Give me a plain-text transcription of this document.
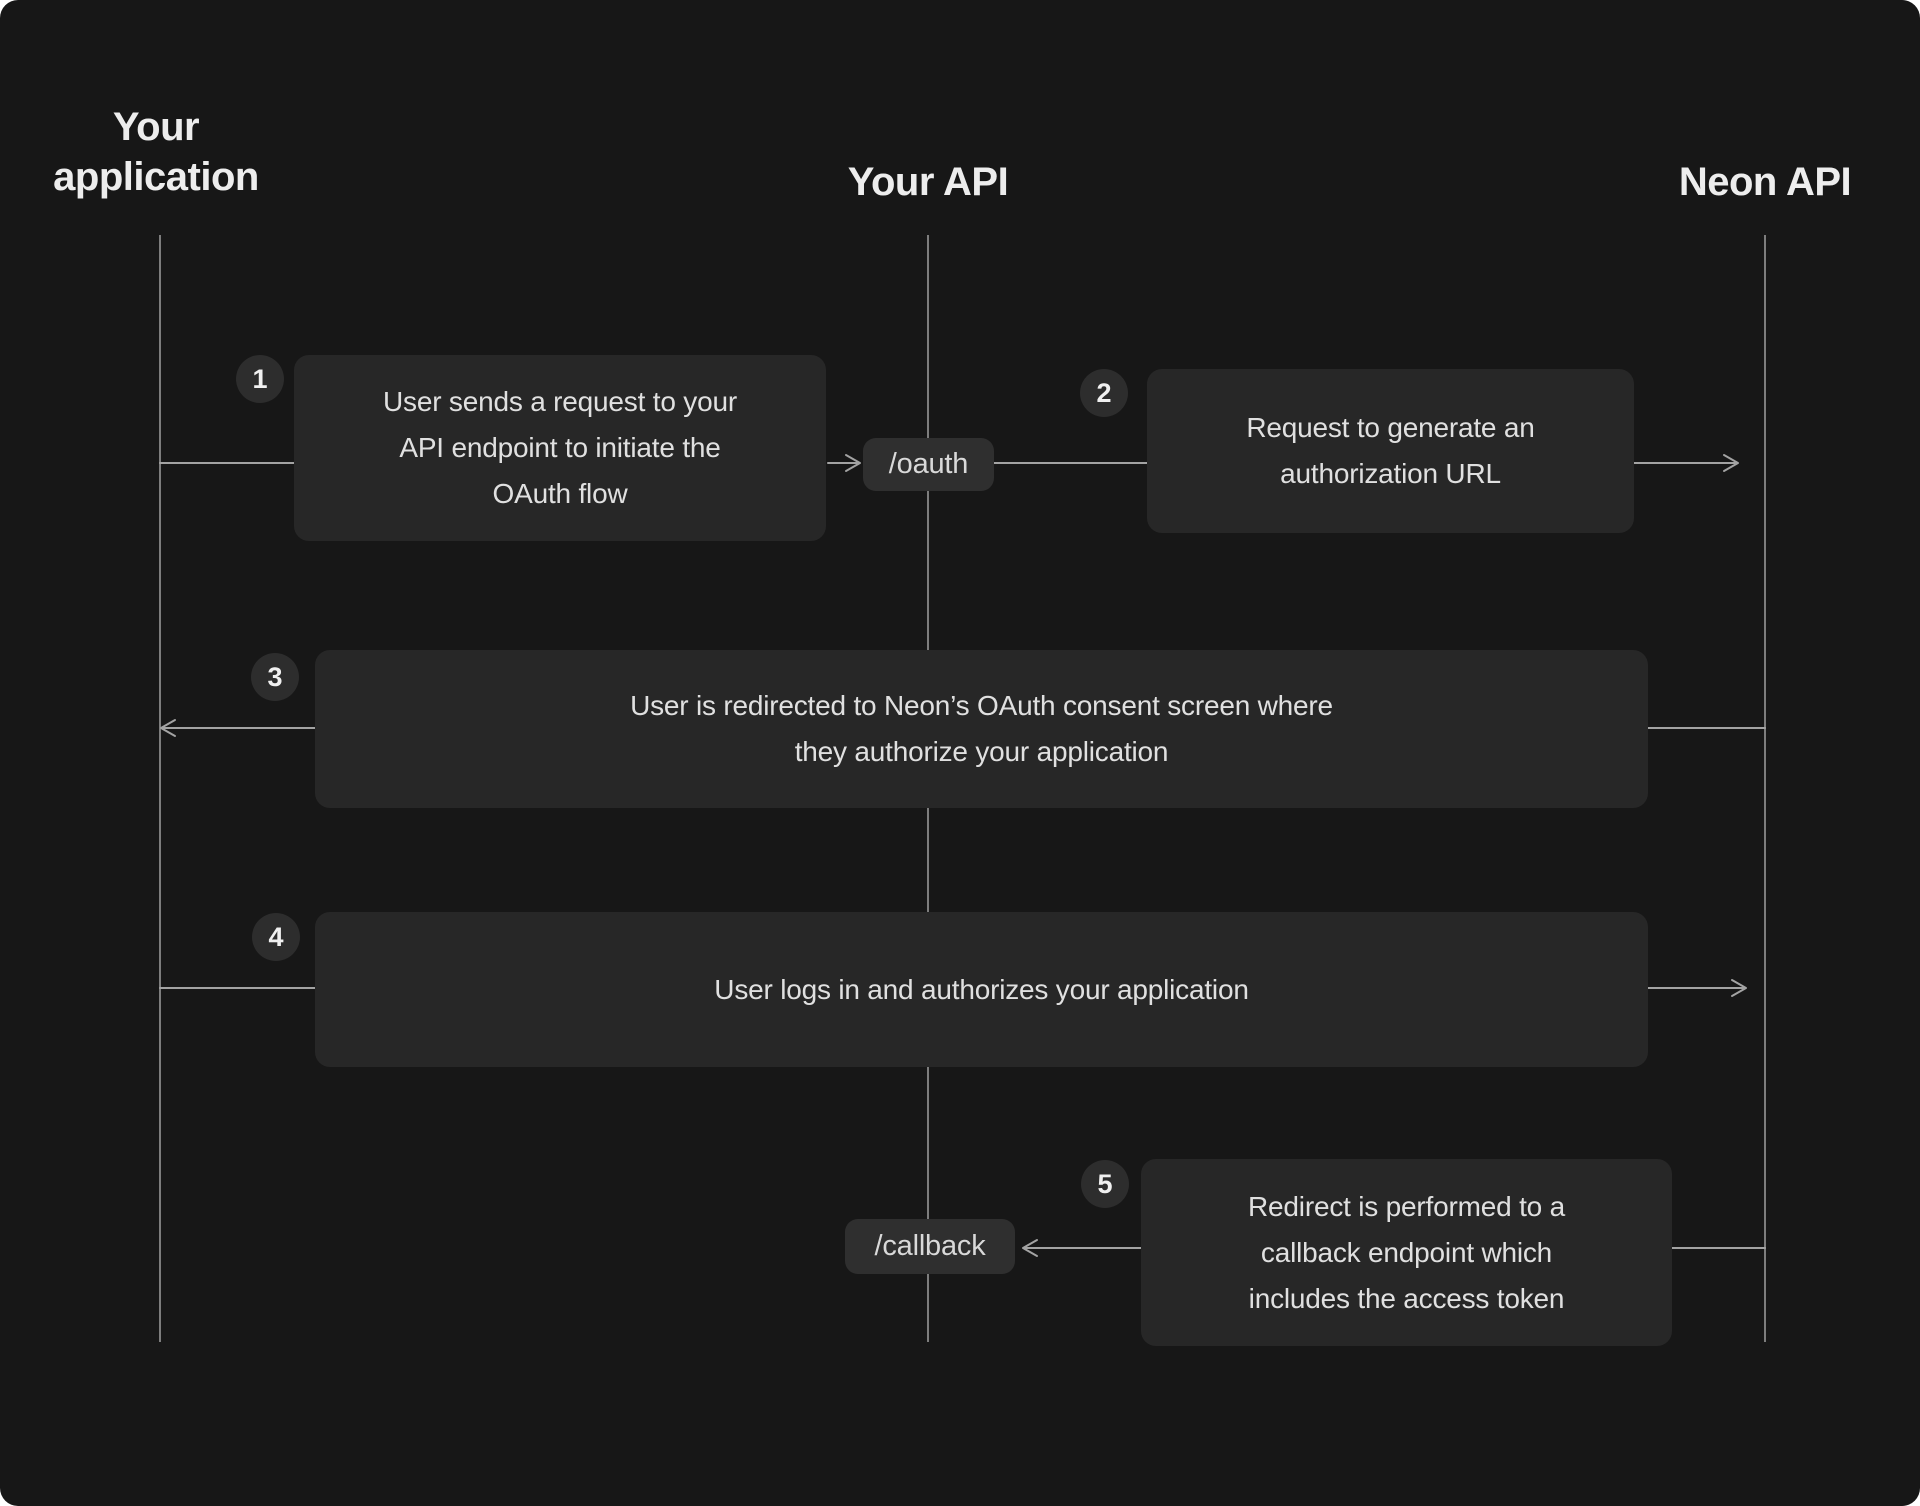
Your application	Your API	Neon API
1	2
3
4
5
User sends a request to your
API endpoint to initiate the
OAuth flow
Request to generate an
authorization URL
User is redirected to Neon’s OAuth consent screen where
they authorize your application
User logs in and authorizes your application
Redirect is performed to a
callback endpoint which
includes the access token
/oauth
/callback
